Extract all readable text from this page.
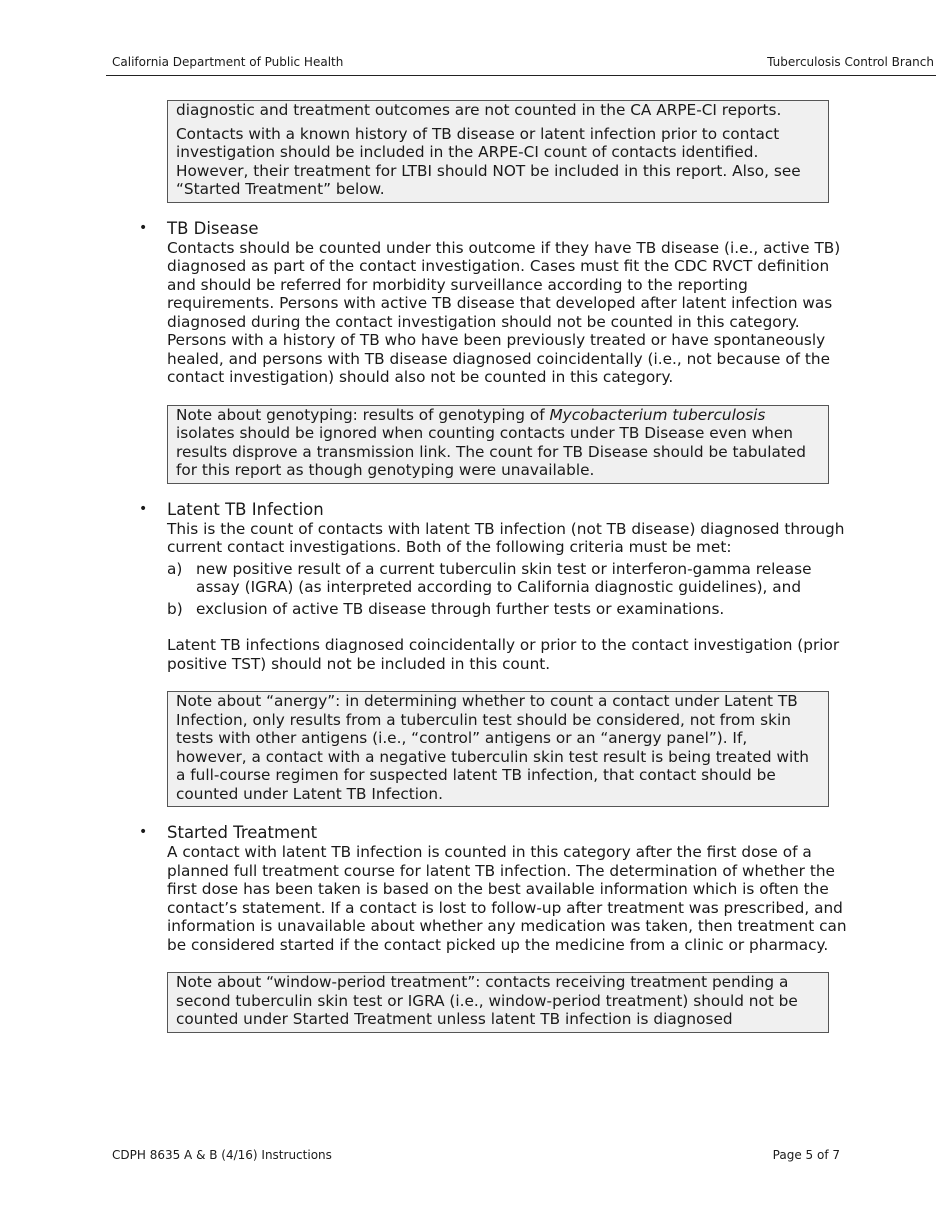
California Department of Public Health	Tuberculosis Control Branch

diagnostic and treatment outcomes are not counted in the CA ARPE-CI reports.

Contacts with a known history of TB disease or latent infection prior to contact investigation should be included in the ARPE-CI count of contacts identified. However, their treatment for LTBI should NOT be included in this report. Also, see “Started Treatment” below.

• TB Disease

Contacts should be counted under this outcome if they have TB disease (i.e., active TB) diagnosed as part of the contact investigation. Cases must fit the CDC RVCT definition and should be referred for morbidity surveillance according to the reporting requirements. Persons with active TB disease that developed after latent infection was diagnosed during the contact investigation should not be counted in this category. Persons with a history of TB who have been previously treated or have spontaneously healed, and persons with TB disease diagnosed coincidentally (i.e., not because of the contact investigation) should also not be counted in this category.

Note about genotyping: results of genotyping of Mycobacterium tuberculosis isolates should be ignored when counting contacts under TB Disease even when results disprove a transmission link. The count for TB Disease should be tabulated for this report as though genotyping were unavailable.

• Latent TB Infection

This is the count of contacts with latent TB infection (not TB disease) diagnosed through current contact investigations. Both of the following criteria must be met:

a) new positive result of a current tuberculin skin test or interferon-gamma release assay (IGRA) (as interpreted according to California diagnostic guidelines), and
b) exclusion of active TB disease through further tests or examinations.

Latent TB infections diagnosed coincidentally or prior to the contact investigation (prior positive TST) should not be included in this count.

Note about “anergy”: in determining whether to count a contact under Latent TB Infection, only results from a tuberculin test should be considered, not from skin tests with other antigens (i.e., “control” antigens or an “anergy panel”). If, however, a contact with a negative tuberculin skin test result is being treated with a full-course regimen for suspected latent TB infection, that contact should be counted under Latent TB Infection.

• Started Treatment

A contact with latent TB infection is counted in this category after the first dose of a planned full treatment course for latent TB infection. The determination of whether the first dose has been taken is based on the best available information which is often the contact’s statement. If a contact is lost to follow-up after treatment was prescribed, and information is unavailable about whether any medication was taken, then treatment can be considered started if the contact picked up the medicine from a clinic or pharmacy.

Note about “window-period treatment”: contacts receiving treatment pending a second tuberculin skin test or IGRA (i.e., window-period treatment) should not be counted under Started Treatment unless latent TB infection is diagnosed

CDPH 8635 A & B (4/16) Instructions	Page 5 of 7
